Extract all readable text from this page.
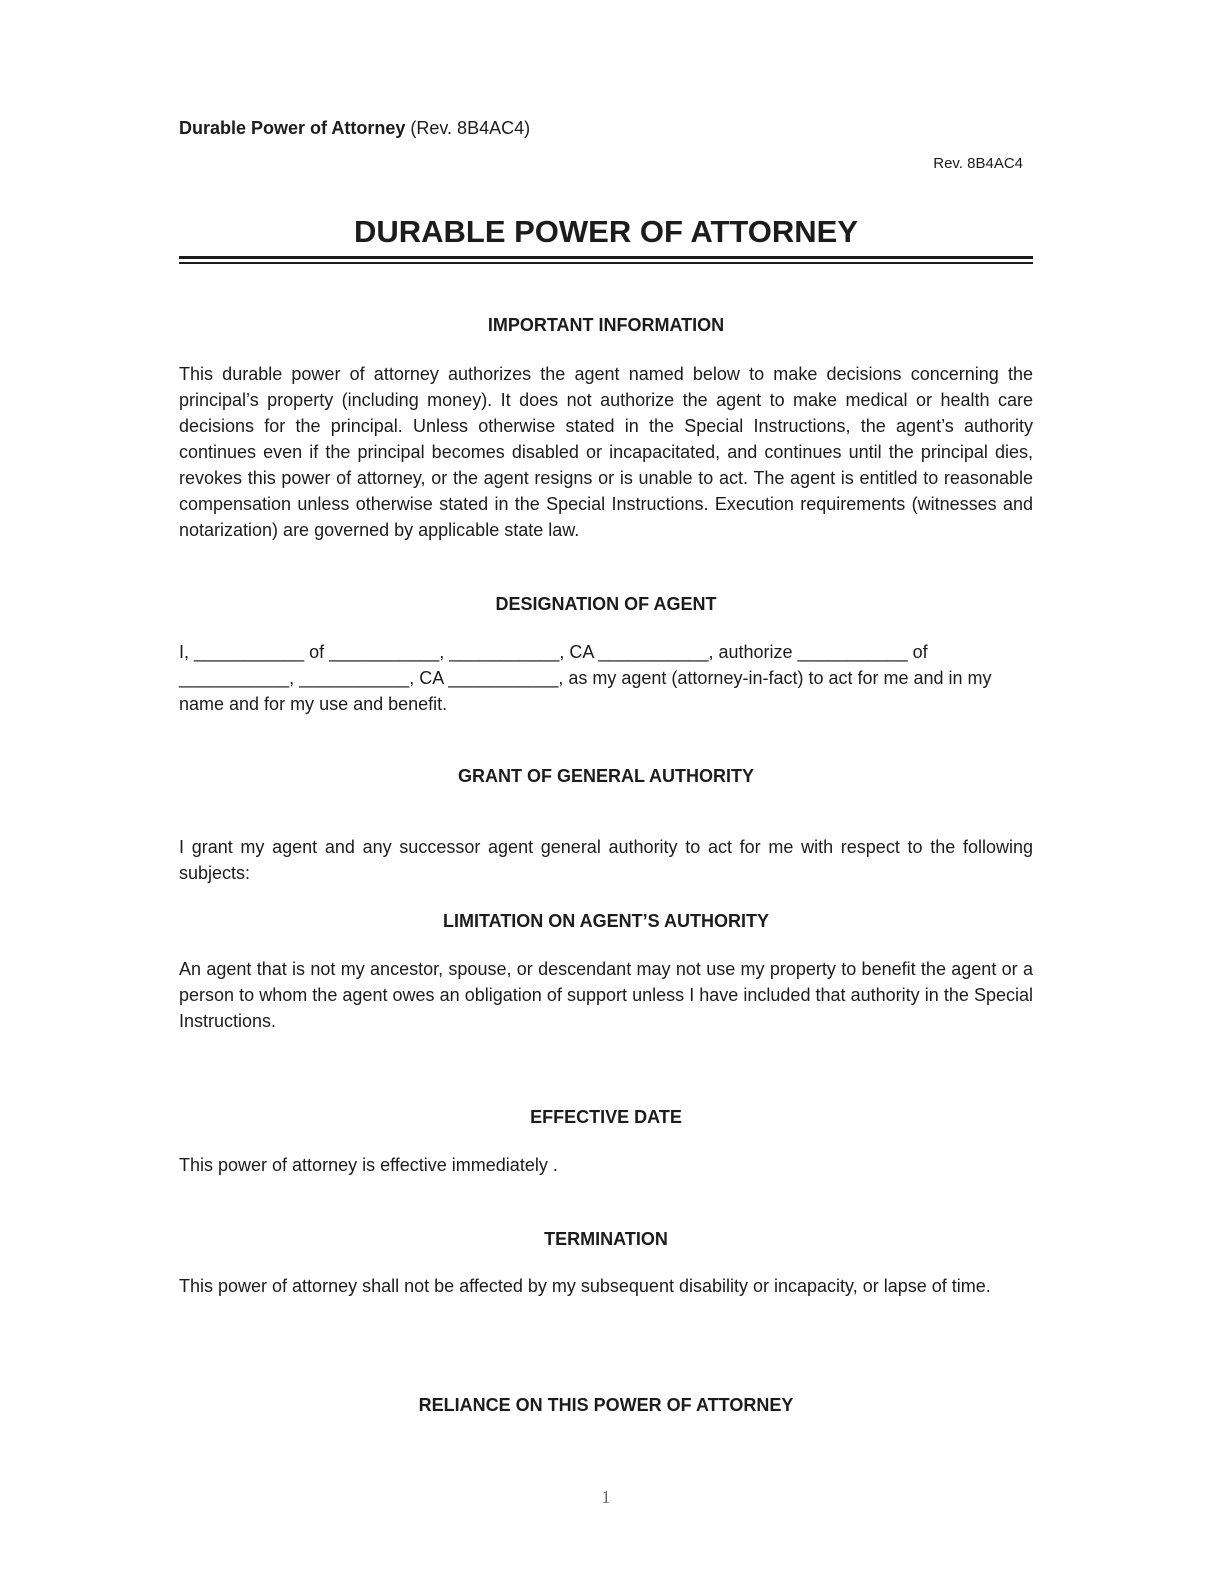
Durable Power of Attorney (Rev. 8B4AC4)
Rev. 8B4AC4
DURABLE POWER OF ATTORNEY
IMPORTANT INFORMATION

This durable power of attorney authorizes the agent named below to make decisions concerning the principal’s property (including money). It does not authorize the agent to make medical or health care decisions for the principal. Unless otherwise stated in the Special Instructions, the agent’s authority continues even if the principal becomes disabled or incapacitated, and continues until the principal dies, revokes this power of attorney, or the agent resigns or is unable to act. The agent is entitled to reasonable compensation unless otherwise stated in the Special Instructions. Execution requirements (witnesses and notarization) are governed by applicable state law.

DESIGNATION OF AGENT

I, ___________ of ___________, ___________, CA ___________, authorize ___________ of ___________, ___________, CA ___________, as my agent (attorney-in-fact) to act for me and in my name and for my use and benefit.

GRANT OF GENERAL AUTHORITY

I grant my agent and any successor agent general authority to act for me with respect to the following subjects:

LIMITATION ON AGENT’S AUTHORITY

An agent that is not my ancestor, spouse, or descendant may not use my property to benefit the agent or a person to whom the agent owes an obligation of support unless I have included that authority in the Special Instructions.

EFFECTIVE DATE

This power of attorney is effective immediately .

TERMINATION

This power of attorney shall not be affected by my subsequent disability or incapacity, or lapse of time.

RELIANCE ON THIS POWER OF ATTORNEY
1
